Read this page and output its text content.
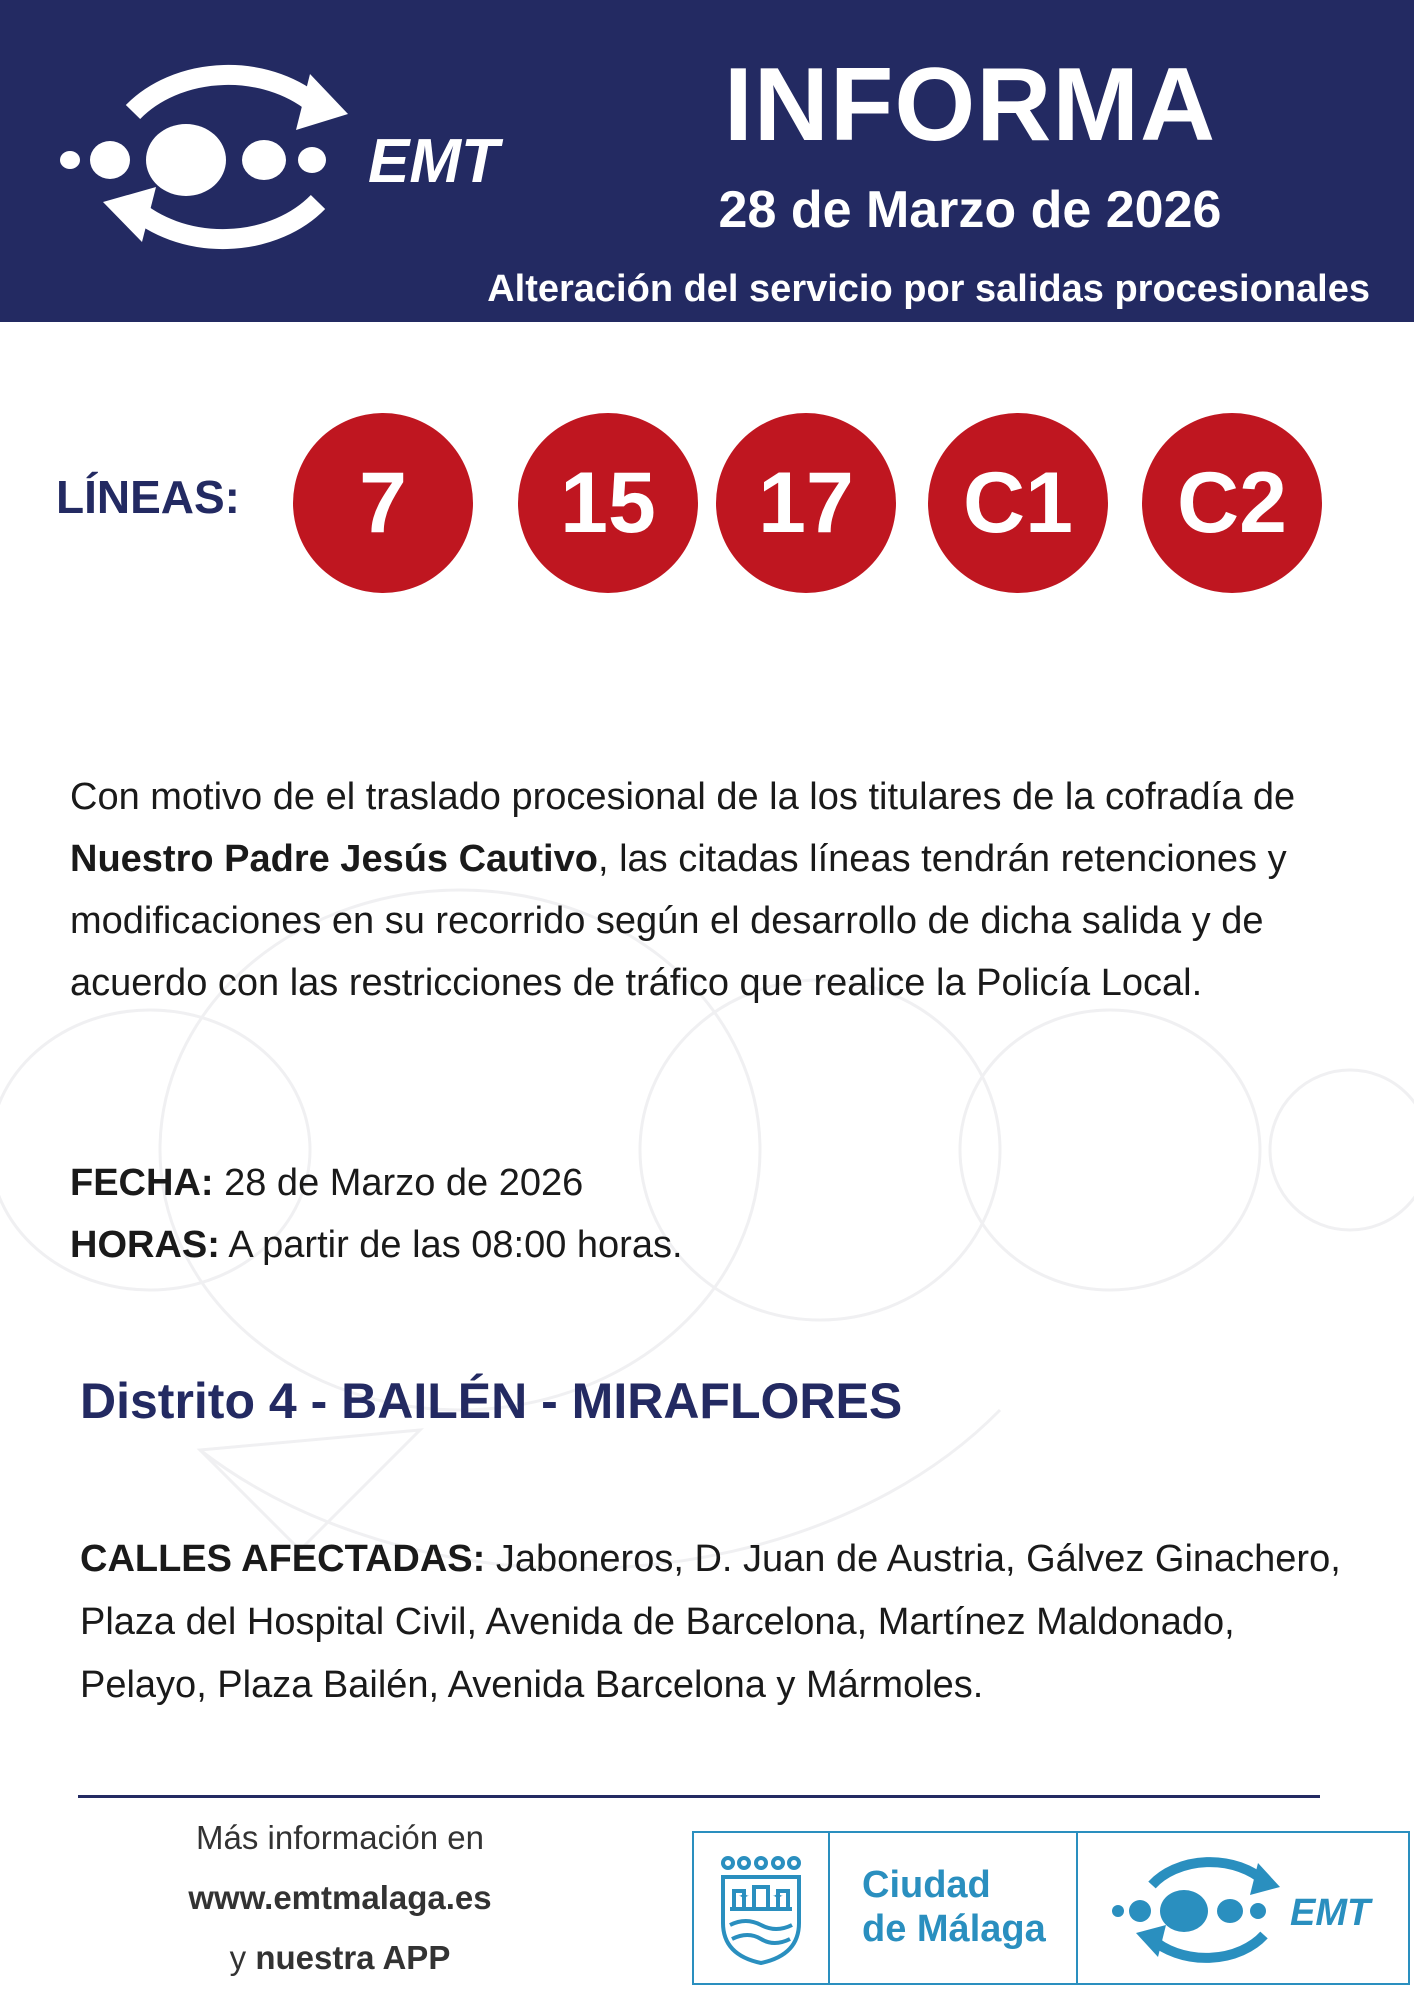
EMT	INFORMA
28 de Marzo de 2026
Alteración del servicio por salidas procesionales
LÍNEAS:	7	15	17	C1	C2
Con motivo de el traslado procesional de la los titulares de la cofradía de Nuestro Padre Jesús Cautivo, las citadas líneas tendrán retenciones y modificaciones en su recorrido según el desarrollo de dicha salida y de acuerdo con las restricciones de tráfico que realice la Policía Local.
FECHA: 28 de Marzo de 2026
HORAS: A partir de las 08:00 horas.
Distrito 4 - BAILÉN - MIRAFLORES
CALLES AFECTADAS: Jaboneros, D. Juan de Austria, Gálvez Ginachero, Plaza del Hospital Civil, Avenida de Barcelona, Martínez Maldonado, Pelayo, Plaza Bailén, Avenida Barcelona y Mármoles.
Más información en
www.emtmalaga.es
y nuestra APP
✦ ✦ Ciudad
de Málaga	EMT
